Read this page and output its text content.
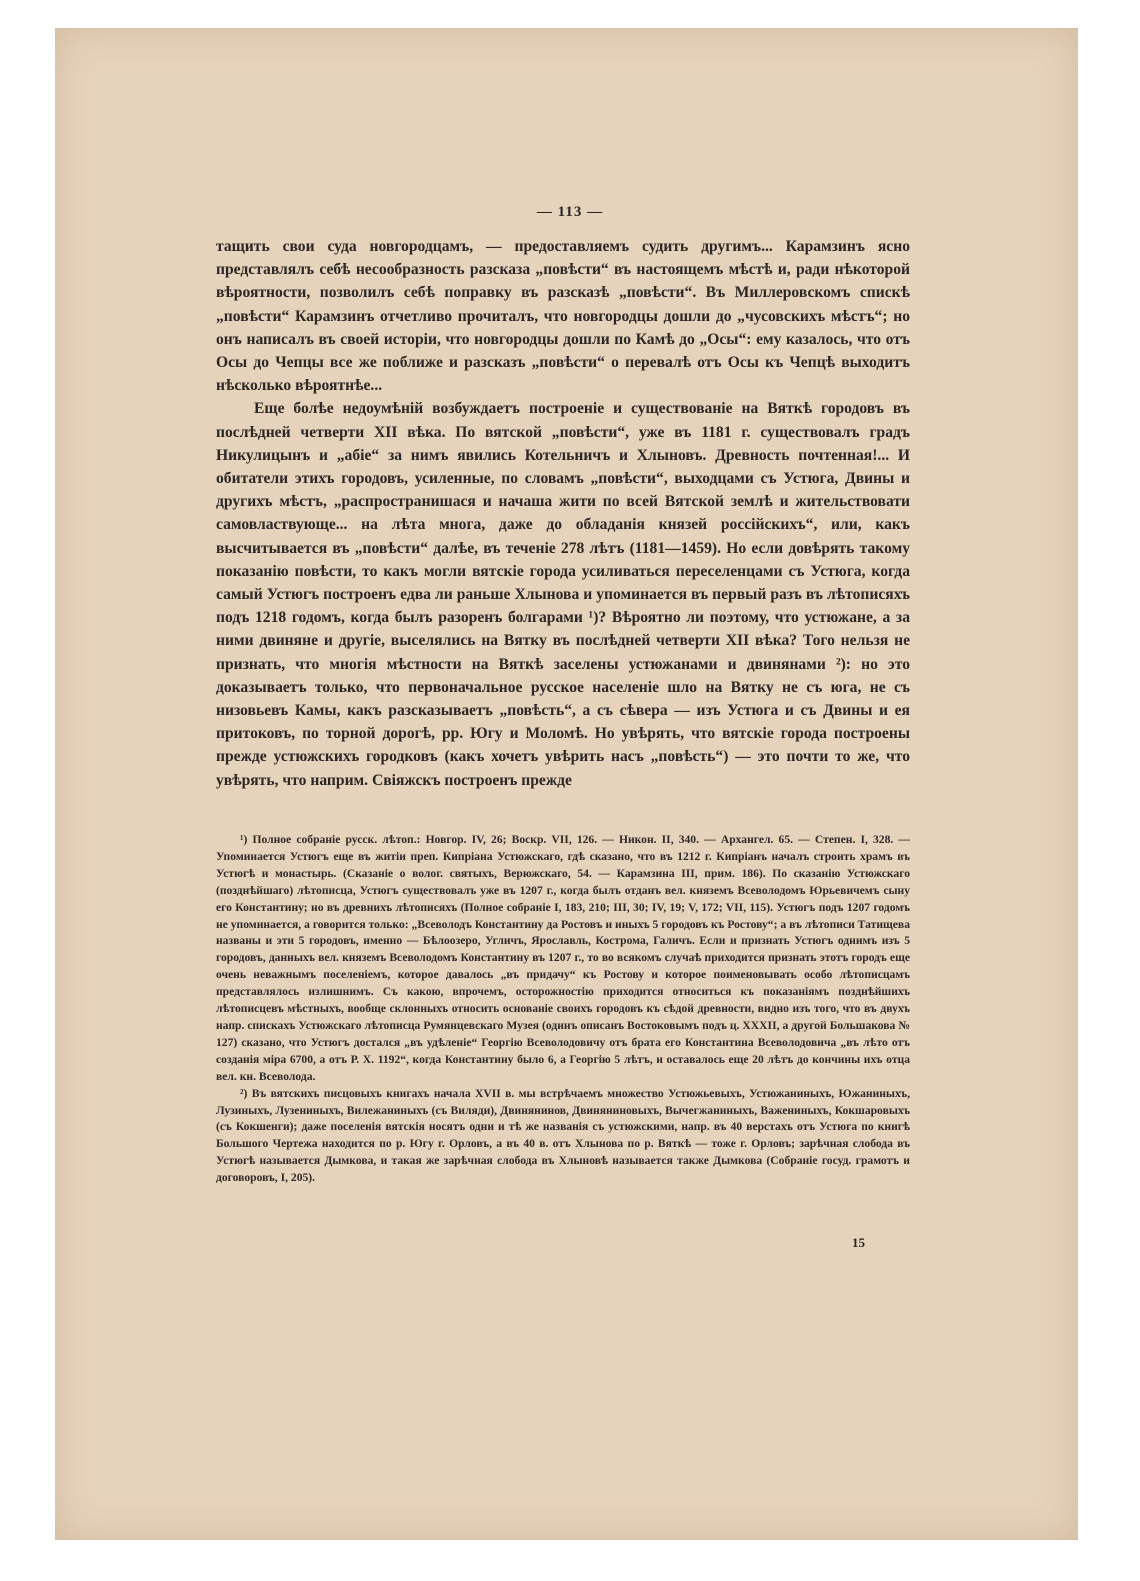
— 113 —

тащить свои суда новгородцамъ, — предоставляемъ судить другимъ... Карамзинъ ясно представлялъ себѣ несообразность разсказа „повѣсти“ въ настоящемъ мѣстѣ и, ради нѣкоторой вѣроятности, позволилъ себѣ поправку въ разсказѣ „повѣсти“. Въ Миллеровскомъ спискѣ „повѣсти“ Карамзинъ отчетливо прочиталъ, что новгородцы дошли до „чусовскихъ мѣстъ“; но онъ написалъ въ своей исторіи, что новгородцы дошли по Камѣ до „Осы“: ему казалось, что отъ Осы до Чепцы все же поближе и разсказъ „повѣсти“ о перевалѣ отъ Осы къ Чепцѣ выходитъ нѣсколько вѣроятнѣе...

Еще болѣе недоумѣній возбуждаетъ построеніе и существованіе на Вяткѣ городовъ въ послѣдней четверти XII вѣка. По вятской „повѣсти“, уже въ 1181 г. существовалъ градъ Никулицынъ и „абіе“ за нимъ явились Котельничъ и Хлыновъ. Древность почтенная!... И обитатели этихъ городовъ, усиленные, по словамъ „повѣсти“, выходцами съ Устюга, Двины и другихъ мѣстъ, „распространишася и начаша жити по всей Вятской землѣ и жительствовати самовластвующе... на лѣта многа, даже до обладанія князей россійскихъ“, или, какъ высчитывается въ „повѣсти“ далѣе, въ теченіе 278 лѣтъ (1181—1459). Но если довѣрять такому показанію повѣсти, то какъ могли вятскіе города усиливаться переселенцами съ Устюга, когда самый Устюгъ построенъ едва ли раньше Хлынова и упоминается въ первый разъ въ лѣтописяхъ подъ 1218 годомъ, когда былъ разоренъ болгарами ¹)? Вѣроятно ли поэтому, что устюжане, а за ними двиняне и другіе, выселялись на Вятку въ послѣдней четверти XII вѣка? Того нельзя не признать, что многія мѣстности на Вяткѣ заселены устюжанами и двинянами ²): но это доказываетъ только, что первоначальное русское населеніе шло на Вятку не съ юга, не съ низовьевъ Камы, какъ разсказываетъ „повѣсть“, а съ сѣвера — изъ Устюга и съ Двины и ея притоковъ, по торной дорогѣ, рр. Югу и Моломѣ. Но увѣрять, что вятскіе города построены прежде устюжскихъ городковъ (какъ хочетъ увѣрить насъ „повѣсть“) — это почти то же, что увѣрять, что наприм. Свіяжскъ построенъ прежде

¹) Полное собраніе русск. лѣтоп.: Новгор. IV, 26; Воскр. VII, 126. — Никон. II, 340. — Архангел. 65. — Степен. I, 328. — Упоминается Устюгъ еще въ житіи преп. Кипріана Устюжскаго, гдѣ сказано, что въ 1212 г. Кипріанъ началъ строить храмъ въ Устюгѣ и монастырь. (Сказаніе о волог. святыхъ, Верюжскаго, 54. — Карамзина III, прим. 186). По сказанію Устюжскаго (позднѣйшаго) лѣтописца, Устюгъ существовалъ уже въ 1207 г., когда былъ отданъ вел. княземъ Всеволодомъ Юрьевичемъ сыну его Константину; но въ древнихъ лѣтописяхъ (Полное собраніе I, 183, 210; III, 30; IV, 19; V, 172; VII, 115). Устюгъ подъ 1207 годомъ не упоминается, а говорится только: „Всеволодъ Константину да Ростовъ и иныхъ 5 городовъ къ Ростову“; а въ лѣтописи Татищева названы и эти 5 городовъ, именно — Бѣлоозеро, Угличъ, Ярославль, Кострома, Галичъ. Если и признать Устюгъ однимъ изъ 5 городовъ, данныхъ вел. княземъ Всеволодомъ Константину въ 1207 г., то во всякомъ случаѣ приходится признать этотъ городъ еще очень неважнымъ поселеніемъ, которое давалось „въ придачу“ къ Ростову и которое поименовывать особо лѣтописцамъ представлялось излишнимъ. Съ какою, впрочемъ, осторожностію приходится относиться къ показаніямъ позднѣйшихъ лѣтописцевъ мѣстныхъ, вообще склонныхъ относить основаніе своихъ городовъ къ сѣдой древности, видно изъ того, что въ двухъ напр. спискахъ Устюжскаго лѣтописца Румянцевскаго Музея (одинъ описанъ Востоковымъ подъ ц. XXXII, а другой Большакова № 127) сказано, что Устюгъ достался „въ удѣленіе“ Георгію Всеволодовичу отъ брата его Константина Всеволодовича „въ лѣто отъ созданія міра 6700, а отъ Р. Х. 1192“, когда Константину было 6, а Георгію 5 лѣтъ, и оставалось еще 20 лѣтъ до кончины ихъ отца вел. кн. Всеволода.

²) Въ вятскихъ писцовыхъ книгахъ начала XVII в. мы встрѣчаемъ множество Устюжьевыхъ, Устюжаниныхъ, Южаниныхъ, Лузиныхъ, Лузениныхъ, Вилежаниныхъ (съ Виляди), Двинянинов, Двиняниновыхъ, Вычегжаниныхъ, Важениныхъ, Кокшаровыхъ (съ Кокшенги); даже поселенія вятскія носятъ одни и тѣ же названія съ устюжскими, напр. въ 40 верстахъ отъ Устюга по книгѣ Большого Чертежа находится по р. Югу г. Орловъ, а въ 40 в. отъ Хлынова по р. Вяткѣ — тоже г. Орловъ; зарѣчная слобода въ Устюгѣ называется Дымкова, и такая же зарѣчная слобода въ Хлыновѣ называется также Дымкова (Собраніе госуд. грамотъ и договоровъ, I, 205).

15
